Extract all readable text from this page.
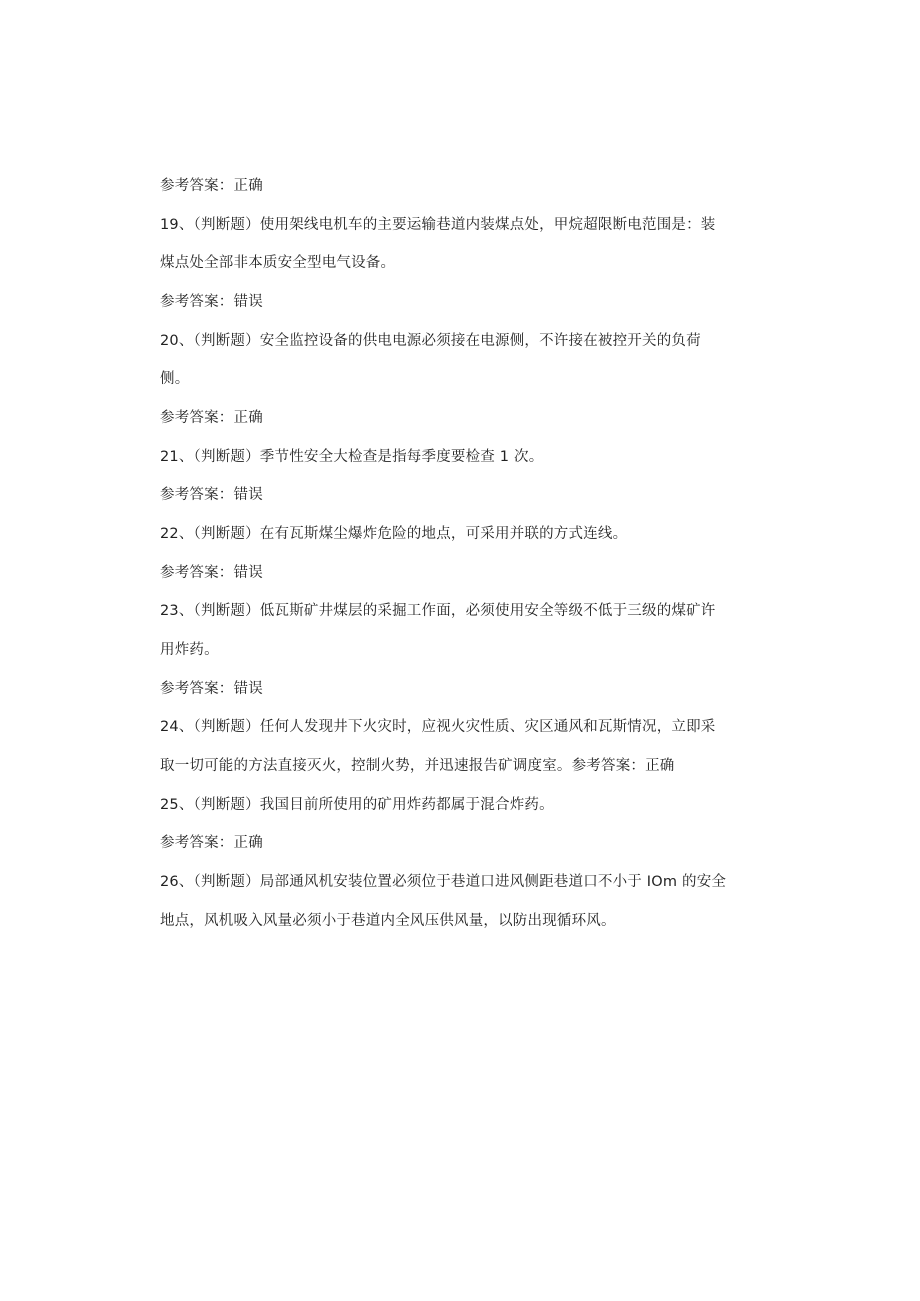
参考答案：正确
19、（判断题）使用架线电机车的主要运输巷道内装煤点处，甲烷超限断电范围是：装
煤点处全部非本质安全型电气设备。
参考答案：错误
20、（判断题）安全监控设备的供电电源必须接在电源侧，不许接在被控开关的负荷
侧。
参考答案：正确
21、（判断题）季节性安全大检查是指每季度要检查 1 次。
参考答案：错误
22、（判断题）在有瓦斯煤尘爆炸危险的地点，可采用并联的方式连线。
参考答案：错误
23、（判断题）低瓦斯矿井煤层的采掘工作面，必须使用安全等级不低于三级的煤矿许
用炸药。
参考答案：错误
24、（判断题）任何人发现井下火灾时，应视火灾性质、灾区通风和瓦斯情况，立即采
取一切可能的方法直接灭火，控制火势，并迅速报告矿调度室。参考答案：正确
25、（判断题）我国目前所使用的矿用炸药都属于混合炸药。
参考答案：正确
26、（判断题）局部通风机安装位置必须位于巷道口进风侧距巷道口不小于 IOm 的安全
地点，风机吸入风量必须小于巷道内全风压供风量，以防出现循环风。
